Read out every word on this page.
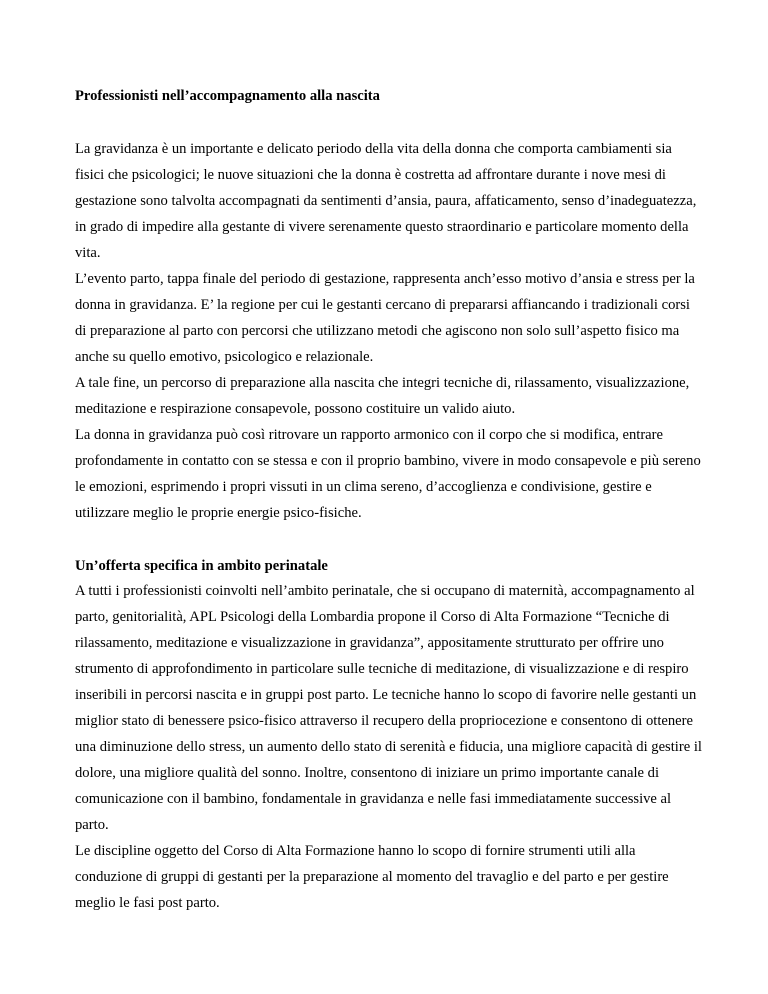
Professionisti nell’accompagnamento alla nascita

La gravidanza è un importante e delicato periodo della vita della donna che comporta cambiamenti sia fisici che psicologici; le nuove situazioni che la donna è costretta ad affrontare durante i nove mesi di gestazione sono talvolta accompagnati da sentimenti d’ansia, paura, affaticamento, senso d’inadeguatezza, in grado di impedire alla gestante di vivere serenamente questo straordinario e particolare momento della vita.

L’evento parto, tappa finale del periodo di gestazione, rappresenta anch’esso motivo d’ansia e stress per la donna in gravidanza. E’ la regione per cui le gestanti cercano di prepararsi affiancando i tradizionali corsi di preparazione al parto con percorsi che utilizzano metodi che agiscono non solo sull’aspetto fisico ma anche su quello emotivo, psicologico e relazionale.

A tale fine, un percorso di preparazione alla nascita che integri tecniche di, rilassamento, visualizzazione, meditazione e respirazione consapevole, possono costituire un valido aiuto.

La donna in gravidanza può così ritrovare un rapporto armonico con il corpo che si modifica, entrare profondamente in contatto con se stessa e con il proprio bambino, vivere in modo consapevole e più sereno le emozioni, esprimendo i propri vissuti in un clima sereno, d’accoglienza e condivisione, gestire e utilizzare meglio le proprie energie psico-fisiche.

Un’offerta specifica in ambito perinatale

A tutti i professionisti coinvolti nell’ambito perinatale, che si occupano di maternità, accompagnamento al parto, genitorialità, APL Psicologi della Lombardia propone il Corso di Alta Formazione “Tecniche di rilassamento, meditazione e visualizzazione in gravidanza”, appositamente strutturato per offrire uno strumento di approfondimento in particolare sulle tecniche di meditazione, di visualizzazione e di respiro inseribili in percorsi nascita e in gruppi post parto. Le tecniche hanno lo scopo di favorire nelle gestanti un miglior stato di benessere psico-fisico attraverso il recupero della propriocezione e consentono di ottenere una diminuzione dello stress, un aumento dello stato di serenità e fiducia, una migliore capacità di gestire il dolore, una migliore qualità del sonno. Inoltre, consentono di iniziare un primo importante canale di comunicazione con il bambino, fondamentale in gravidanza e nelle fasi immediatamente successive al parto.

Le discipline oggetto del Corso di Alta Formazione hanno lo scopo di fornire strumenti utili alla conduzione di gruppi di gestanti per la preparazione al momento del travaglio e del parto e per gestire meglio le fasi post parto.
